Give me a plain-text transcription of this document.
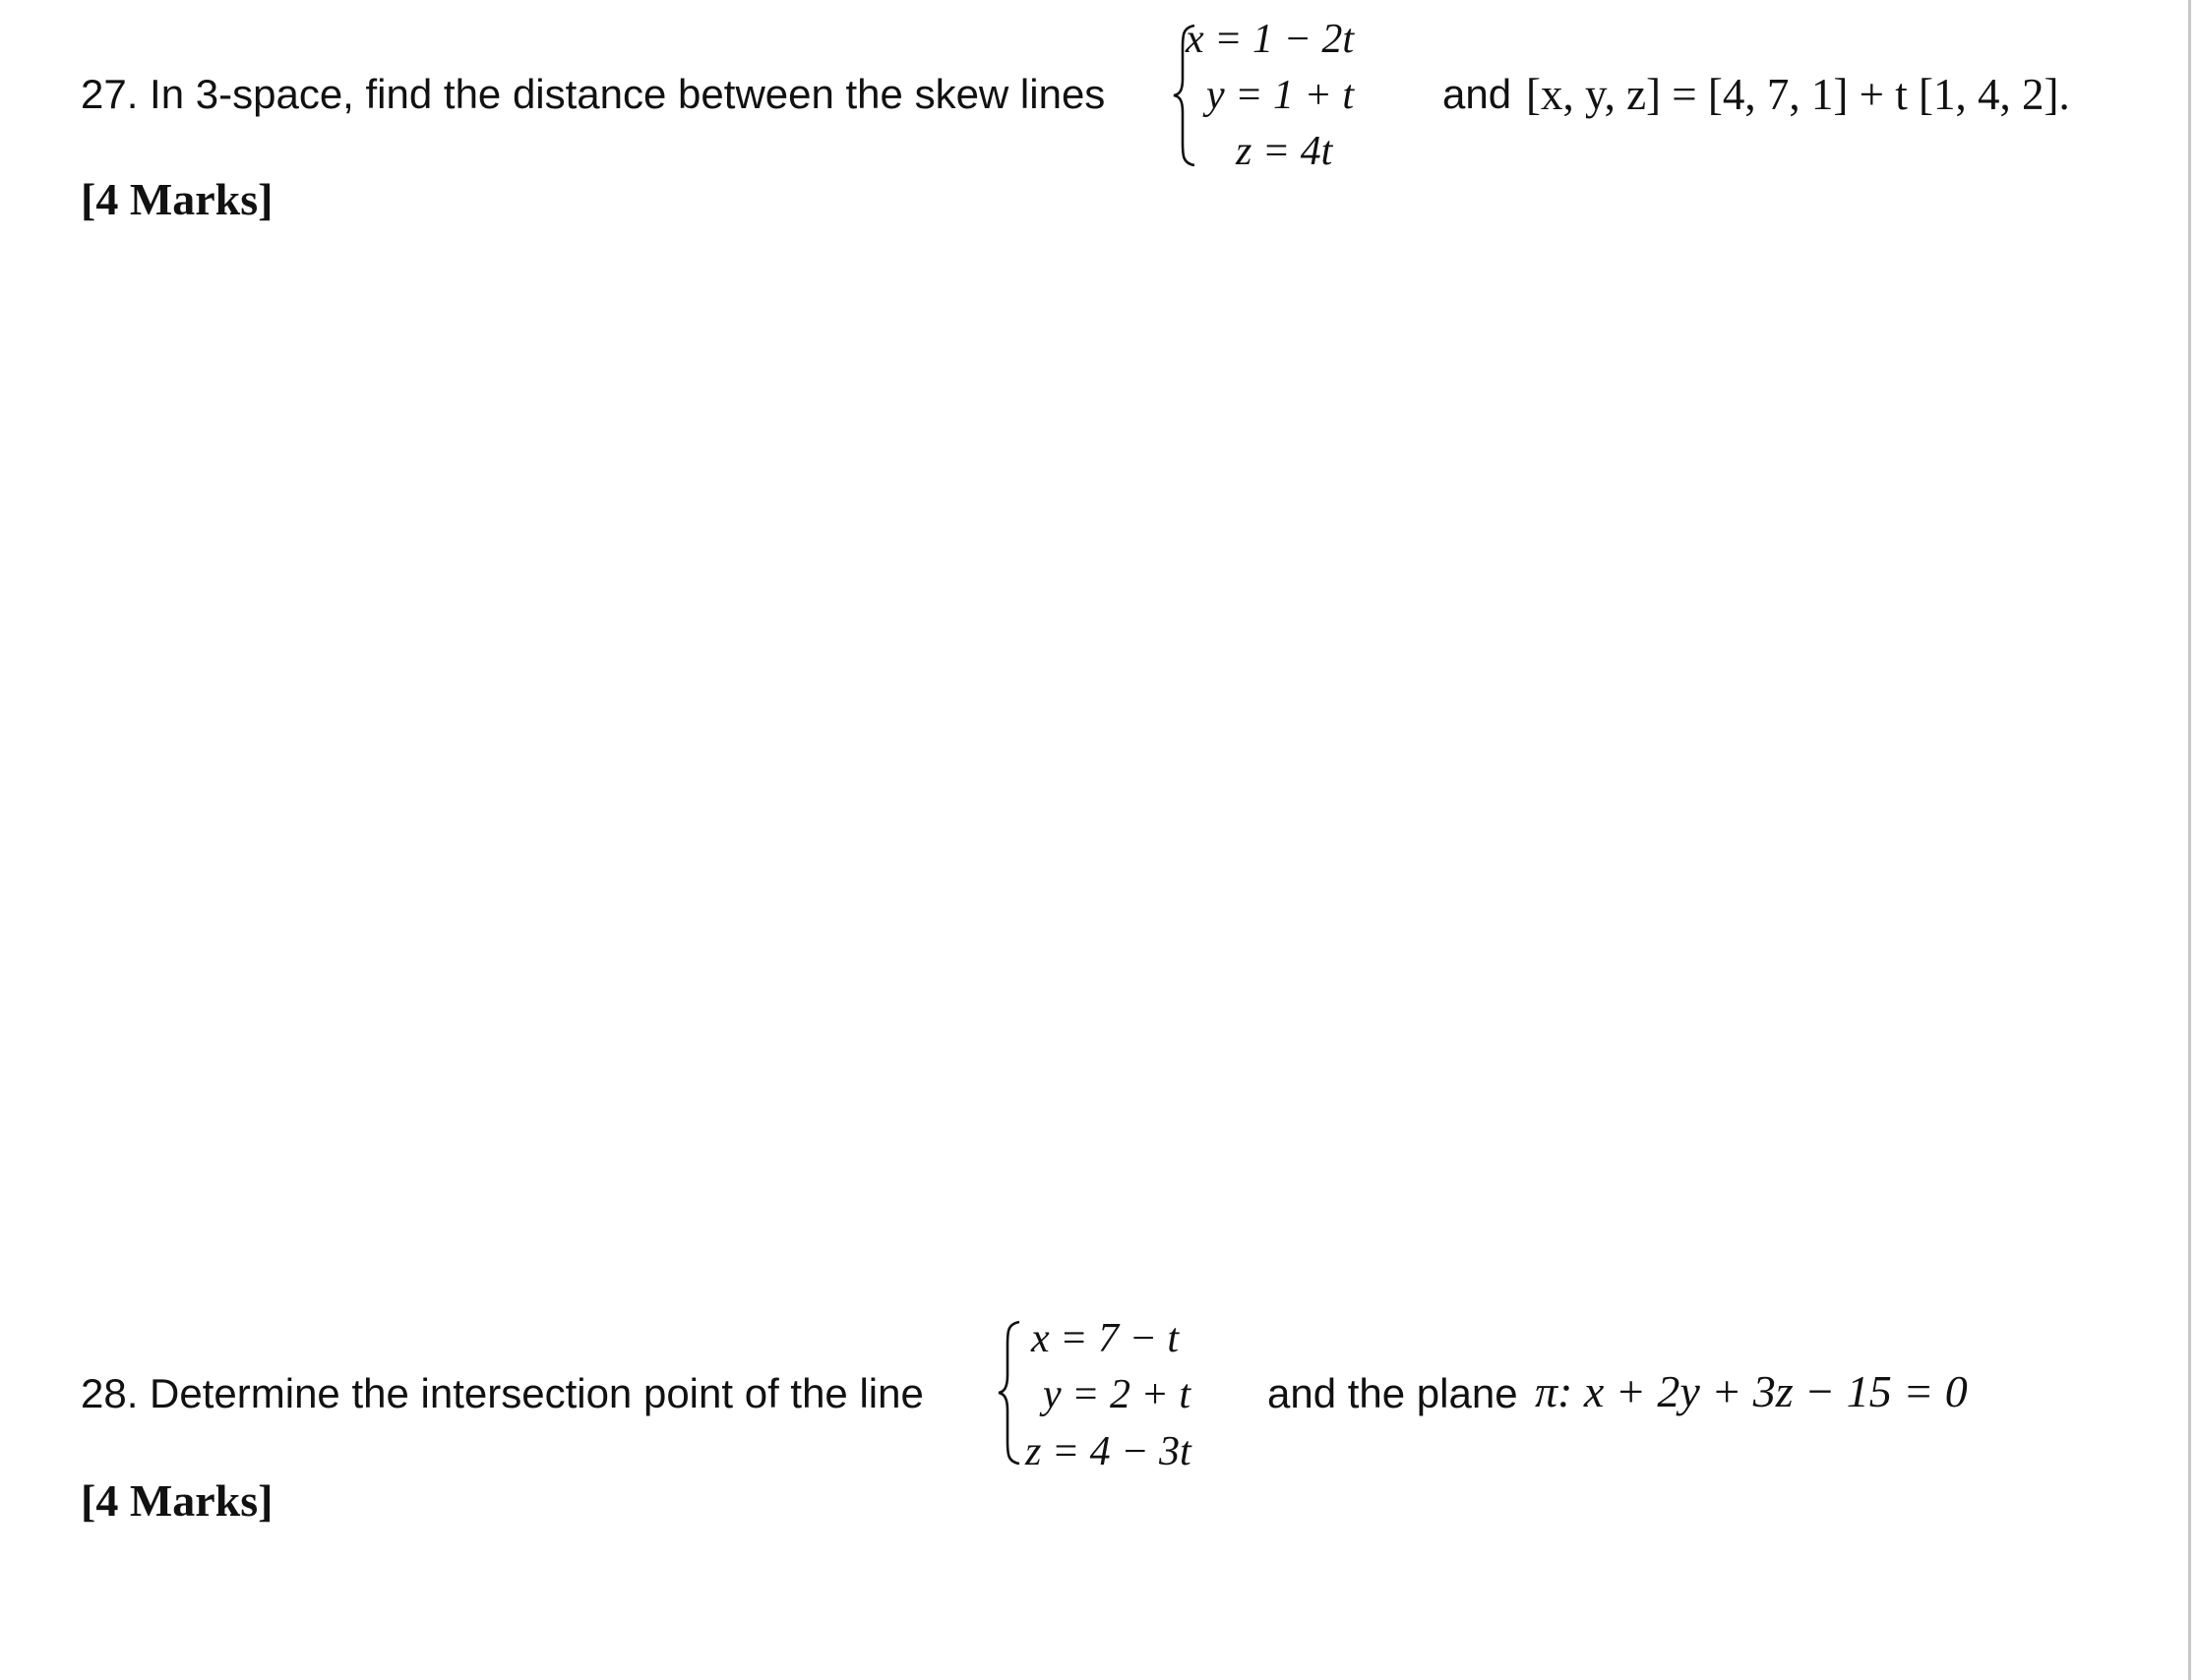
27. In 3-space, find the distance between the skew lines
x = 1 − 2t
y = 1 + t
z = 4t
and [x, y, z] = [4, 7, 1] + t [1, 4, 2].
[4 Marks]
28. Determine the intersection point of the line
x = 7 − t
y = 2 + t
z = 4 − 3t
and the plane π: x + 2y + 3z − 15 = 0
[4 Marks]
